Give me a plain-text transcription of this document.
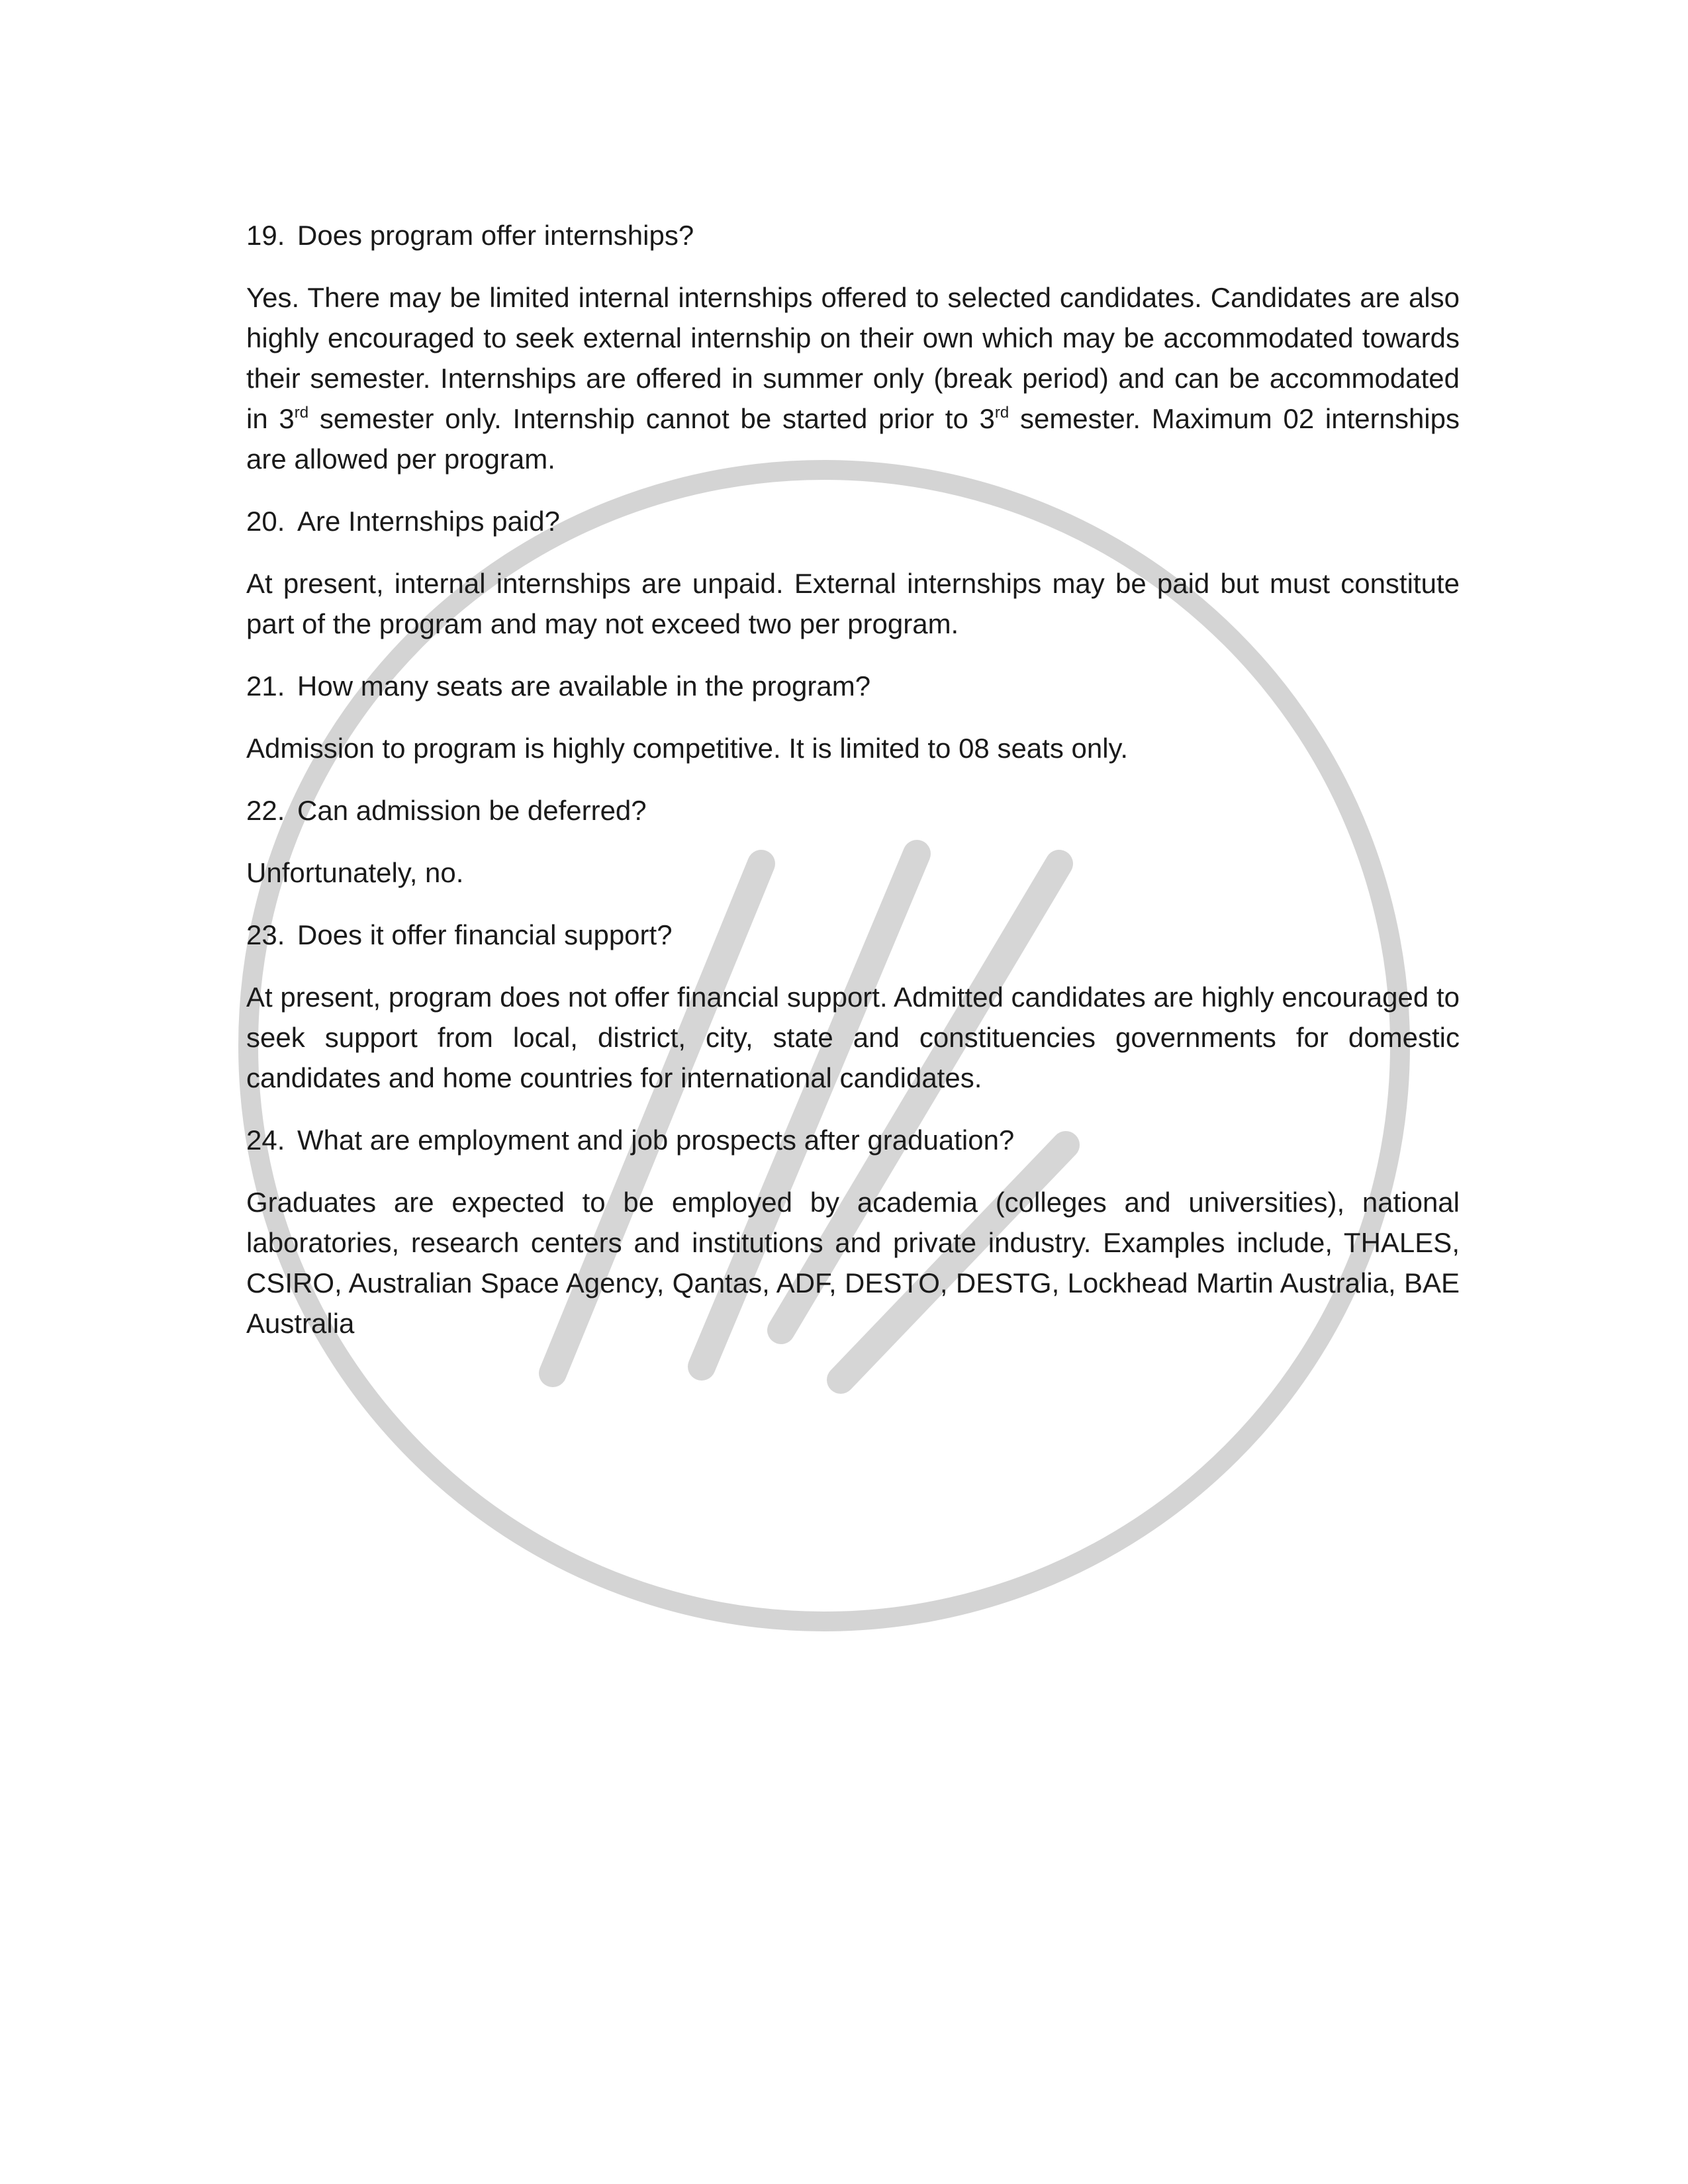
19. Does program offer internships?
Yes. There may be limited internal internships offered to selected candidates. Candidates are also highly encouraged to seek external internship on their own which may be accommodated towards their semester. Internships are offered in summer only (break period) and can be accommodated in 3rd semester only. Internship cannot be started prior to 3rd semester. Maximum 02 internships are allowed per program.
20. Are Internships paid?
At present, internal internships are unpaid. External internships may be paid but must constitute part of the program and may not exceed two per program.
21. How many seats are available in the program?
Admission to program is highly competitive. It is limited to 08 seats only.
22. Can admission be deferred?
Unfortunately, no.
23. Does it offer financial support?
At present, program does not offer financial support. Admitted candidates are highly encouraged to seek support from local, district, city, state and constituencies governments for domestic candidates and home countries for international candidates.
24. What are employment and job prospects after graduation?
Graduates are expected to be employed by academia (colleges and universities), national laboratories, research centers and institutions and private industry. Examples include, THALES, CSIRO, Australian Space Agency, Qantas, ADF, DESTO, DESTG, Lockhead Martin Australia, BAE Australia
